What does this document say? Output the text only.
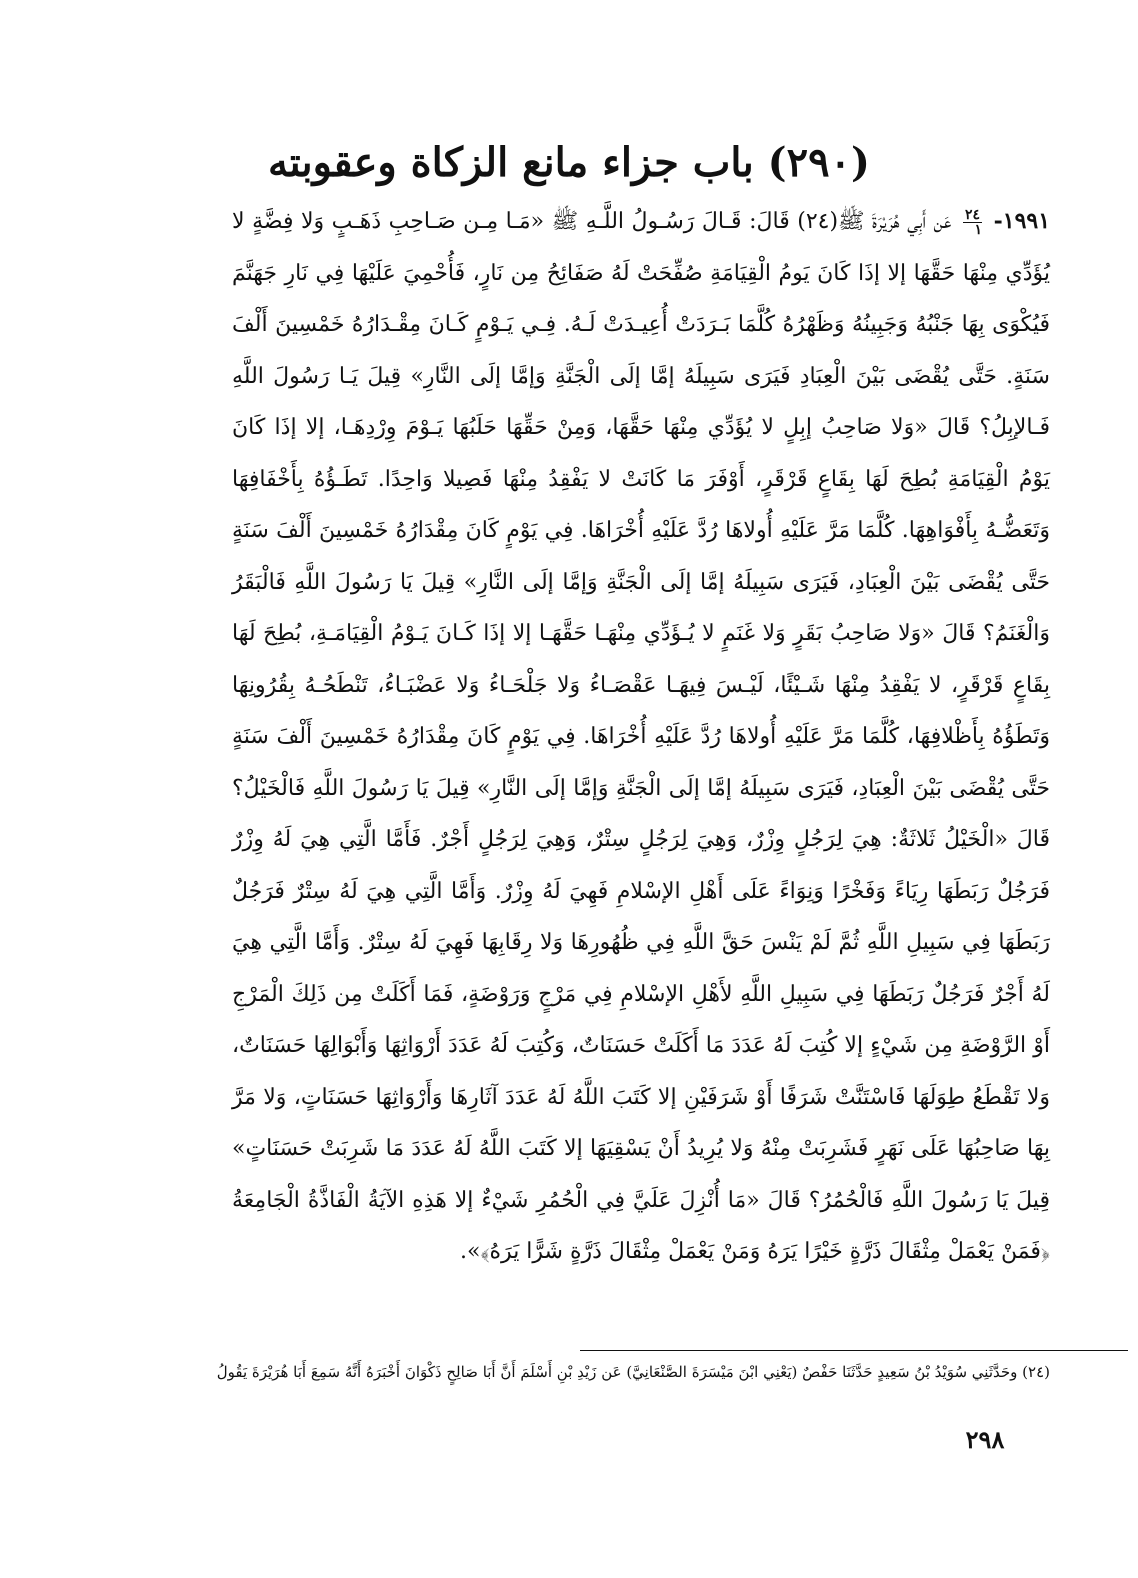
(٢٩٠) باب جزاء مانع الزكاة وعقوبته
١٩٩١-
٢٤
١
عَن أَبِي هُرَيْرَةَ ﷺ(٢٤) قَالَ: قَـالَ رَسُـولُ اللَّـهِ ﷺ «مَـا مِـن صَـاحِبِ ذَهَـبٍ وَلا فِضَّةٍ لا يُؤَدِّي مِنْهَا حَقَّهَا إلا إذَا كَانَ يَومُ الْقِيَامَةِ صُفِّحَتْ لَهُ صَفَائِحُ مِن نَارٍ، فَأُحْمِيَ عَلَيْهَا فِي نَارِ جَهَنَّمَ فَيُكْوَى بِهَا جَنْبُهُ وَجَبِينُهُ وَظَهْرُهُ كُلَّمَا بَـرَدَتْ أُعِيـدَتْ لَـهُ. فِـي يَـوْمٍ كَـانَ مِقْـدَارُهُ خَمْسِينَ أَلْفَ سَنَةٍ. حَتَّى يُقْضَى بَيْنَ الْعِبَادِ فَيَرَى سَبِيلَهُ إمَّا إلَى الْجَنَّةِ وَإمَّا إلَى النَّارِ» قِيلَ يَـا رَسُولَ اللَّهِ فَـالإبِلُ؟ قَالَ «وَلا صَاحِبُ إبِلٍ لا يُؤَدِّي مِنْهَا حَقَّهَا، وَمِنْ حَقِّهَا حَلَبُهَا يَـوْمَ وِرْدِهَـا، إلا إذَا كَانَ يَوْمُ الْقِيَامَةِ بُطِحَ لَهَا بِقَاعٍ قَرْقَرٍ، أَوْفَرَ مَا كَانَتْ لا يَفْقِدُ مِنْهَا فَصِيلا وَاحِدًا. تَطَـؤُهُ بِأَخْفَافِهَا وَتَعَضُّـهُ بِأَفْوَاهِهَا. كُلَّمَا مَرَّ عَلَيْهِ أُولاهَا رُدَّ عَلَيْهِ أُخْرَاهَا. فِي يَوْمٍ كَانَ مِقْدَارُهُ خَمْسِينَ أَلْفَ سَنَةٍ حَتَّى يُقْضَى بَيْنَ الْعِبَادِ، فَيَرَى سَبِيلَهُ إمَّا إلَى الْجَنَّةِ وَإمَّا إلَى النَّارِ» قِيلَ يَا رَسُولَ اللَّهِ فَالْبَقَرُ وَالْغَنَمُ؟ قَالَ «وَلا صَاحِبُ بَقَرٍ وَلا غَنَمٍ لا يُـؤَدِّي مِنْهَـا حَقَّهَـا إلا إذَا كَـانَ يَـوْمُ الْقِيَامَـةِ، بُطِحَ لَهَا بِقَاعٍ قَرْقَرٍ، لا يَفْقِدُ مِنْهَا شَـيْئًا، لَيْـسَ فِيهَـا عَقْصَـاءُ وَلا جَلْحَـاءُ وَلا عَضْبَـاءُ، تَنْطَحُـهُ بِقُرُونِهَا وَتَطَؤُهُ بِأَظْلافِهَا، كُلَّمَا مَرَّ عَلَيْهِ أُولاهَا رُدَّ عَلَيْهِ أُخْرَاهَا. فِي يَوْمٍ كَانَ مِقْدَارُهُ خَمْسِينَ أَلْفَ سَنَةٍ حَتَّى يُقْضَى بَيْنَ الْعِبَادِ، فَيَرَى سَبِيلَهُ إمَّا إلَى الْجَنَّةِ وَإمَّا إلَى النَّارِ» قِيلَ يَا رَسُولَ اللَّهِ فَالْخَيْلُ؟ قَالَ «الْخَيْلُ ثَلاثَةٌ: هِيَ لِرَجُلٍ وِزْرٌ، وَهِيَ لِرَجُلٍ سِتْرٌ، وَهِيَ لِرَجُلٍ أَجْرٌ. فَأَمَّا الَّتِي هِيَ لَهُ وِزْرٌ فَرَجُلٌ رَبَطَهَا رِيَاءً وَفَخْرًا وَنِوَاءً عَلَى أَهْلِ الإسْلامِ فَهِيَ لَهُ وِزْرٌ. وَأَمَّا الَّتِي هِيَ لَهُ سِتْرٌ فَرَجُلٌ رَبَطَهَا فِي سَبِيلِ اللَّهِ ثُمَّ لَمْ يَنْسَ حَقَّ اللَّهِ فِي ظُهُورِهَا وَلا رِقَابِهَا فَهِيَ لَهُ سِتْرٌ. وَأَمَّا الَّتِي هِيَ لَهُ أَجْرٌ فَرَجُلٌ رَبَطَهَا فِي سَبِيلِ اللَّهِ لأَهْلِ الإسْلامِ فِي مَرْجٍ وَرَوْضَةٍ، فَمَا أَكَلَتْ مِن ذَلِكَ الْمَرْجِ أَوْ الرَّوْضَةِ مِن شَيْءٍ إلا كُتِبَ لَهُ عَدَدَ مَا أَكَلَتْ حَسَنَاتٌ، وَكُتِبَ لَهُ عَدَدَ أَرْوَاثِهَا وَأَبْوَالِهَا حَسَنَاتٌ، وَلا تَقْطَعُ طِوَلَهَا فَاسْتَنَّتْ شَرَفًا أَوْ شَرَفَيْنِ إلا كَتَبَ اللَّهُ لَهُ عَدَدَ آثَارِهَا وَأَرْوَاثِهَا حَسَنَاتٍ، وَلا مَرَّ بِهَا صَاحِبُهَا عَلَى نَهَرٍ فَشَرِبَتْ مِنْهُ وَلا يُرِيدُ أَنْ يَسْقِيَهَا إلا كَتَبَ اللَّهُ لَهُ عَدَدَ مَا شَرِبَتْ حَسَنَاتٍ» قِيلَ يَا رَسُولَ اللَّهِ فَالْحُمُرُ؟ قَالَ «مَا أُنْزِلَ عَلَيَّ فِي الْحُمُرِ شَيْءٌ إلا هَذِهِ الآيَةُ الْفَاذَّةُ الْجَامِعَةُ ﴿فَمَنْ يَعْمَلْ مِثْقَالَ ذَرَّةٍ خَيْرًا يَرَهُ وَمَنْ يَعْمَلْ مِثْقَالَ ذَرَّةٍ شَرًّا يَرَهُ﴾».
(٢٤) وحَدَّثَنِي سُوَيْدُ بْنُ سَعِيدٍ حَدَّثَنَا حَفْصٌ (يَعْنِي ابْنَ مَيْسَرَةَ الصَّنْعَانِيَّ) عَن زَيْدِ بْنِ أَسْلَمَ أَنَّ أَبَا صَالِحٍ ذَكْوَانَ أَخْبَرَهُ أَنَّهُ سَمِعَ أَبَا هُرَيْرَةَ يَقُولُ
٢٩٨
